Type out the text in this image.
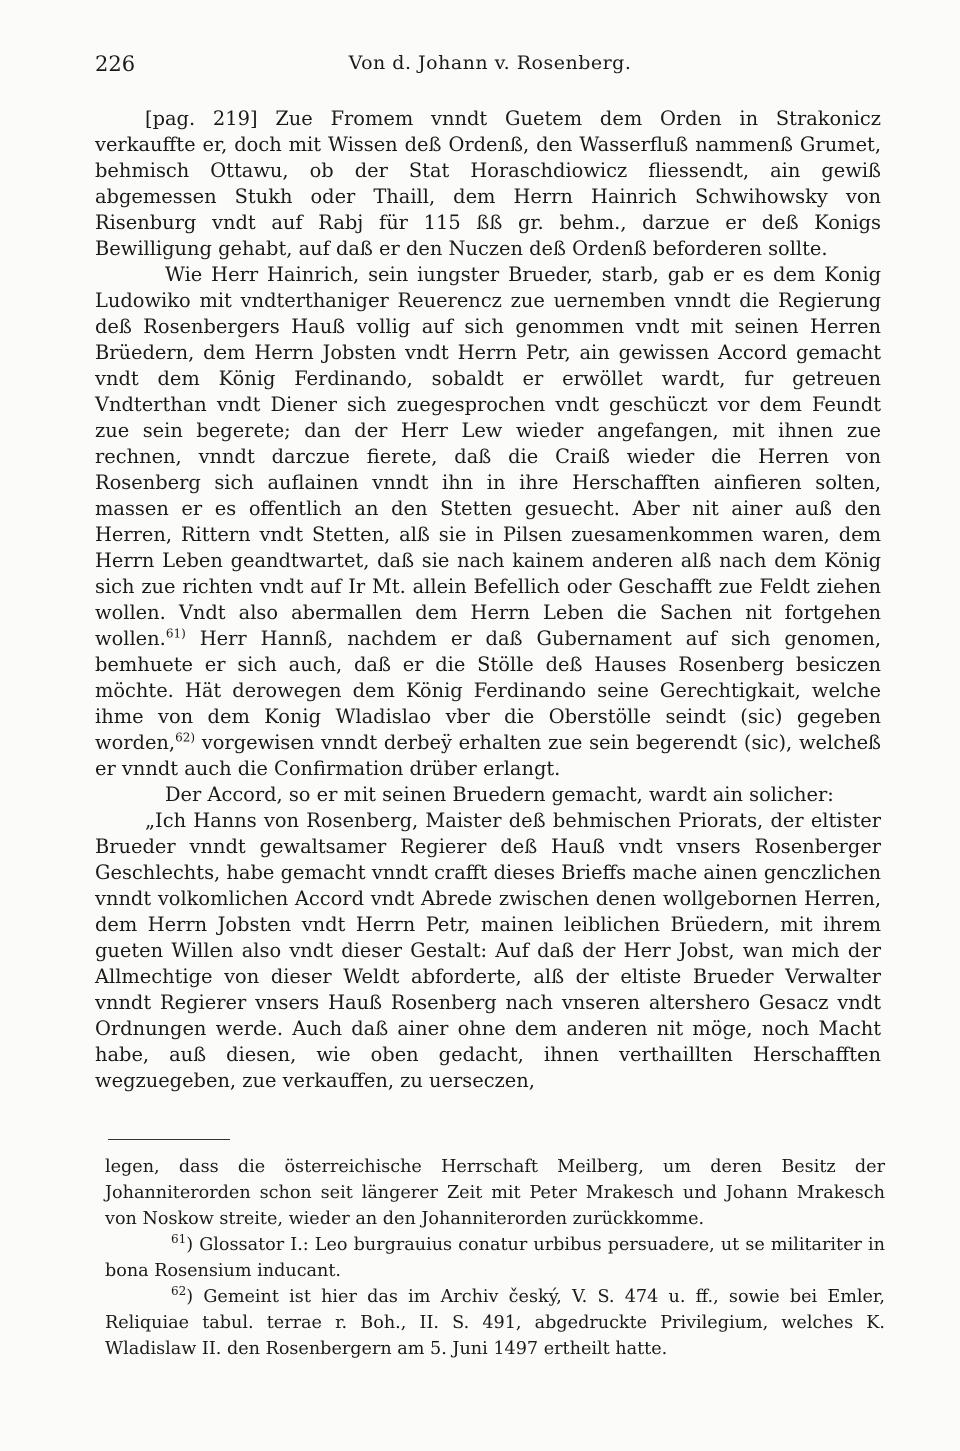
226	Von d. Johann v. Rosenberg.

[pag. 219] Zue Fromem vnndt Guetem dem Orden in Strakonicz verkauffte er, doch mit Wissen deß Ordenß, den Wasserfluß nammenß Grumet, behmisch Ottawu, ob der Stat Horaschdiowicz fliessendt, ain gewiß abgemessen Stukh oder Thaill, dem Herrn Hainrich Schwihowsky von Risenburg vndt auf Rabj für 115 ßß gr. behm., darzue er deß Konigs Bewilligung gehabt, auf daß er den Nuczen deß Ordenß beforderen sollte.

Wie Herr Hainrich, sein iungster Brueder, starb, gab er es dem Konig Ludowiko mit vndterthaniger Reuerencz zue uernemben vnndt die Regierung deß Rosenbergers Hauß vollig auf sich genommen vndt mit seinen Herren Brüedern, dem Herrn Jobsten vndt Herrn Petr, ain gewissen Accord gemacht vndt dem König Ferdinando, sobaldt er erwöllet wardt, fur getreuen Vndterthan vndt Diener sich zuegesprochen vndt geschüczt vor dem Feundt zue sein begerete; dan der Herr Lew wieder angefangen, mit ihnen zue rechnen, vnndt darczue fierete, daß die Craiß wieder die Herren von Rosenberg sich auflainen vnndt ihn in ihre Herschafften ainfieren solten, massen er es offentlich an den Stetten gesuecht. Aber nit ainer auß den Herren, Rittern vndt Stetten, alß sie in Pilsen zuesamenkommen waren, dem Herrn Leben geandtwartet, daß sie nach kainem anderen alß nach dem König sich zue richten vndt auf Ir Mt. allein Befellich oder Geschafft zue Feldt ziehen wollen. Vndt also abermallen dem Herrn Leben die Sachen nit fortgehen wollen.$^{61)}$ Herr Hannß, nachdem er daß Gubernament auf sich genomen, bemhuete er sich auch, daß er die Stölle deß Hauses Rosenberg besiczen möchte. Hät derowegen dem König Ferdinando seine Gerechtigkait, welche ihme von dem Konig Wladislao vber die Oberstölle seindt (sic) gegeben worden,$^{62)}$ vorgewisen vnndt derbeÿ erhalten zue sein begerendt (sic), welcheß er vnndt auch die Confirmation drüber erlangt.

Der Accord, so er mit seinen Bruedern gemacht, wardt ain solicher:

„Ich Hanns von Rosenberg, Maister deß behmischen Priorats, der eltister Brueder vnndt gewaltsamer Regierer deß Hauß vndt vnsers Rosenberger Geschlechts, habe gemacht vnndt crafft dieses Brieffs mache ainen genczlichen vnndt volkomlichen Accord vndt Abrede zwischen denen wollgebornen Herren, dem Herrn Jobsten vndt Herrn Petr, mainen leiblichen Brüedern, mit ihrem gueten Willen also vndt dieser Gestalt: Auf daß der Herr Jobst, wan mich der Allmechtige von dieser Weldt abforderte, alß der eltiste Brueder Verwalter vnndt Regierer vnsers Hauß Rosenberg nach vnseren altershero Gesacz vndt Ordnungen werde. Auch daß ainer ohne dem anderen nit möge, noch Macht habe, auß diesen, wie oben gedacht, ihnen verthaillten Herschafften wegzuegeben, zue verkauffen, zu uerseczen,

legen, dass die österreichische Herrschaft Meilberg, um deren Besitz der Johanniterorden schon seit längerer Zeit mit Peter Mrakesch und Johann Mrakesch von Noskow streite, wieder an den Johanniterorden zurückkomme.

$^{61}$) Glossator I.: Leo burgrauius conatur urbibus persuadere, ut se militariter in bona Rosensium inducant.

$^{62}$) Gemeint ist hier das im Archiv český, V. S. 474 u. ff., sowie bei Emler, Reliquiae tabul. terrae r. Boh., II. S. 491, abgedruckte Privilegium, welches K. Wladislaw II. den Rosenbergern am 5. Juni 1497 ertheilt hatte.
